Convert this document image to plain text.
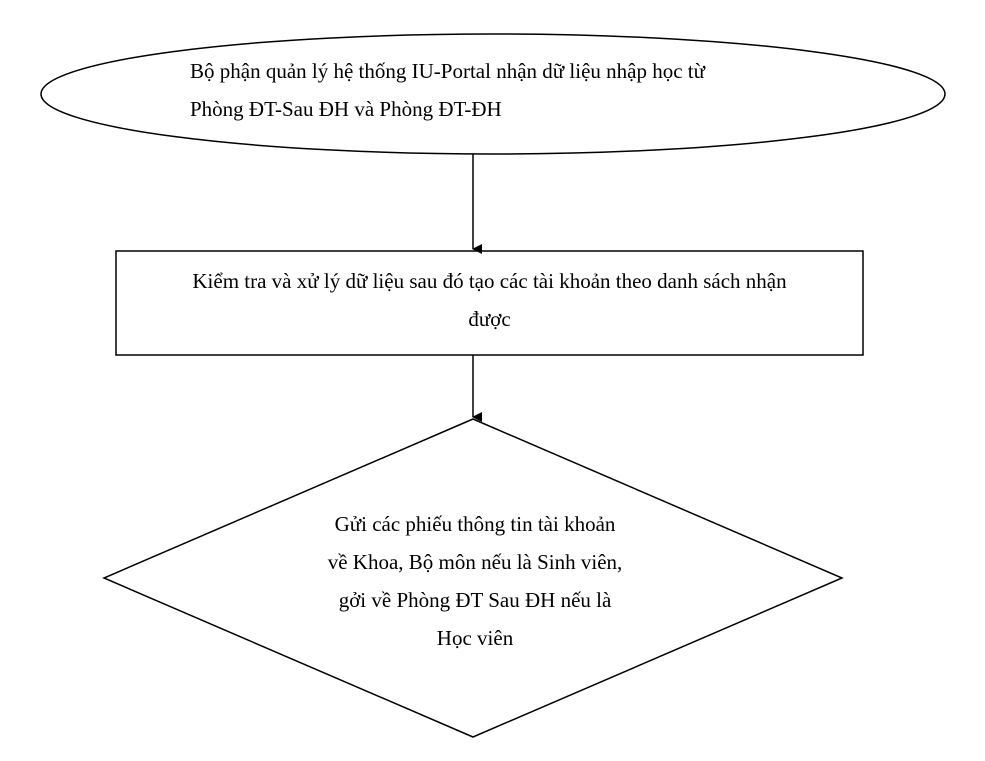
Bộ phận quản lý hệ thống IU-Portal nhận dữ liệu nhập học từ
Phòng ĐT-Sau ĐH và Phòng ĐT-ĐH
Kiểm tra và xử lý dữ liệu sau đó tạo các tài khoản theo danh sách nhận
được
Gửi các phiếu thông tin tài khoản
về Khoa, Bộ môn nếu là Sinh viên,
gởi về Phòng ĐT Sau ĐH nếu là
Học viên
